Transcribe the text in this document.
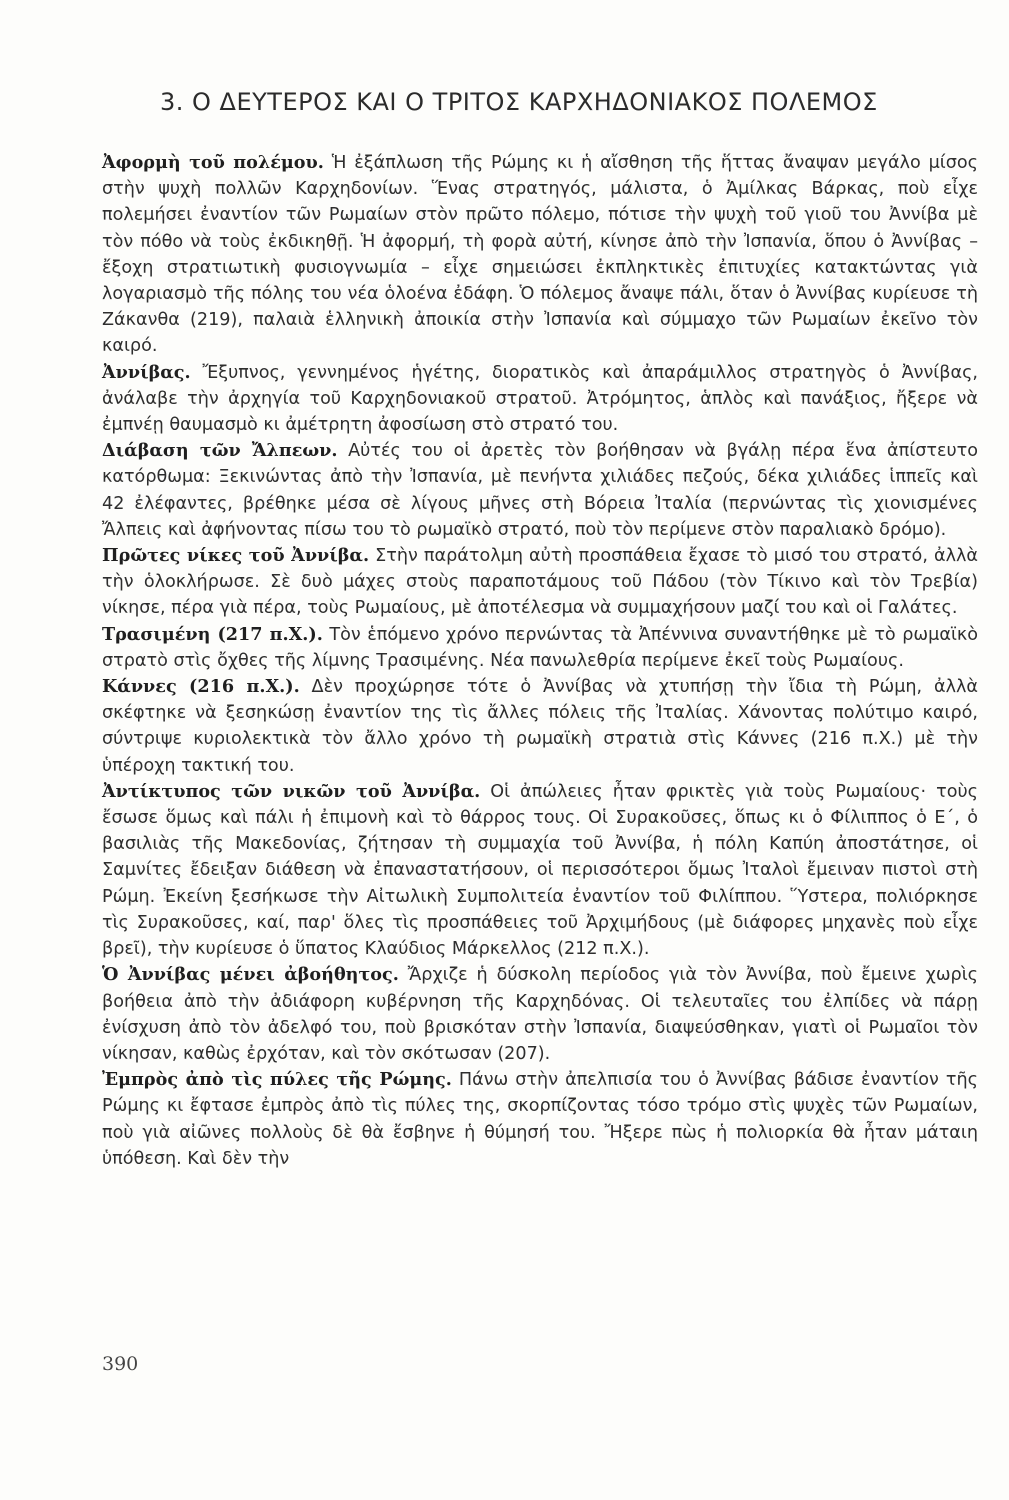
3. Ο ΔΕΥΤΕΡΟΣ ΚΑΙ Ο ΤΡΙΤΟΣ ΚΑΡΧΗΔΟΝΙΑΚΟΣ ΠΟΛΕΜΟΣ

Ἀφορμὴ τοῦ πολέμου. Ἡ ἐξάπλωση τῆς Ρώμης κι ἡ αἴσθηση τῆς ἥττας ἄναψαν μεγάλο μίσος στὴν ψυχὴ πολλῶν Καρχηδονίων. Ἕνας στρατηγός, μάλιστα, ὁ Ἀμίλκας Βάρκας, ποὺ εἶχε πολεμήσει ἐναντίον τῶν Ρωμαίων στὸν πρῶτο πόλεμο, πότισε τὴν ψυχὴ τοῦ γιοῦ του Ἀννίβα μὲ τὸν πόθο νὰ τοὺς ἐκδικηθῇ. Ἡ ἀφορμή, τὴ φορὰ αὐτή, κίνησε ἀπὸ τὴν Ἰσπανία, ὅπου ὁ Ἀννίβας – ἔξοχη στρατιωτικὴ φυσιογνωμία – εἶχε σημειώσει ἐκπληκτικὲς ἐπιτυχίες κατακτώντας γιὰ λογαριασμὸ τῆς πόλης του νέα ὁλοένα ἐδάφη. Ὁ πόλεμος ἄναψε πάλι, ὅταν ὁ Ἀννίβας κυρίευσε τὴ Ζάκανθα (219), παλαιὰ ἑλληνικὴ ἀποικία στὴν Ἰσπανία καὶ σύμμαχο τῶν Ρωμαίων ἐκεῖνο τὸν καιρό.

Ἀννίβας. Ἔξυπνος, γεννημένος ἡγέτης, διορατικὸς καὶ ἀπαράμιλλος στρατηγὸς ὁ Ἀννίβας, ἀνάλαβε τὴν ἀρχηγία τοῦ Καρχηδονιακοῦ στρατοῦ. Ἀτρόμητος, ἁπλὸς καὶ πανάξιος, ἤξερε νὰ ἐμπνέῃ θαυμασμὸ κι ἀμέτρητη ἀφοσίωση στὸ στρατό του.

Διάβαση τῶν Ἄλπεων. Αὐτές του οἱ ἀρετὲς τὸν βοήθησαν νὰ βγάλῃ πέρα ἕνα ἀπίστευτο κατόρθωμα: Ξεκινώντας ἀπὸ τὴν Ἰσπανία, μὲ πενήντα χιλιάδες πεζούς, δέκα χιλιάδες ἱππεῖς καὶ 42 ἐλέφαντες, βρέθηκε μέσα σὲ λίγους μῆνες στὴ Βόρεια Ἰταλία (περνώντας τὶς χιονισμένες Ἄλπεις καὶ ἀφήνοντας πίσω του τὸ ρωμαϊκὸ στρατό, ποὺ τὸν περίμενε στὸν παραλιακὸ δρόμο).

Πρῶτες νίκες τοῦ Ἀννίβα. Στὴν παράτολμη αὐτὴ προσπάθεια ἔχασε τὸ μισό του στρατό, ἀλλὰ τὴν ὁλοκλήρωσε. Σὲ δυὸ μάχες στοὺς παραποτάμους τοῦ Πάδου (τὸν Τίκινο καὶ τὸν Τρεβία) νίκησε, πέρα γιὰ πέρα, τοὺς Ρωμαίους, μὲ ἀποτέλεσμα νὰ συμμαχήσουν μαζί του καὶ οἱ Γαλάτες.

Τρασιμένη (217 π.Χ.). Τὸν ἑπόμενο χρόνο περνώντας τὰ Ἀπέννινα συναντήθηκε μὲ τὸ ρωμαϊκὸ στρατὸ στὶς ὄχθες τῆς λίμνης Τρασιμένης. Νέα πανωλεθρία περίμενε ἐκεῖ τοὺς Ρωμαίους.

Κάννες (216 π.Χ.). Δὲν προχώρησε τότε ὁ Ἀννίβας νὰ χτυπήσῃ τὴν ἴδια τὴ Ρώμη, ἀλλὰ σκέφτηκε νὰ ξεσηκώσῃ ἐναντίον της τὶς ἄλλες πόλεις τῆς Ἰταλίας. Χάνοντας πολύτιμο καιρό, σύντριψε κυριολεκτικὰ τὸν ἄλλο χρόνο τὴ ρωμαϊκὴ στρατιὰ στὶς Κάννες (216 π.Χ.) μὲ τὴν ὑπέροχη τακτική του.

Ἀντίκτυπος τῶν νικῶν τοῦ Ἀννίβα. Οἱ ἀπώλειες ἦταν φρικτὲς γιὰ τοὺς Ρωμαίους· τοὺς ἔσωσε ὅμως καὶ πάλι ἡ ἐπιμονὴ καὶ τὸ θάρρος τους. Οἱ Συρακοῦσες, ὅπως κι ὁ Φίλιππος ὁ Ε΄, ὁ βασιλιὰς τῆς Μακεδονίας, ζήτησαν τὴ συμμαχία τοῦ Ἀννίβα, ἡ πόλη Καπύη ἀποστάτησε, οἱ Σαμνίτες ἔδειξαν διάθεση νὰ ἐπαναστατήσουν, οἱ περισσότεροι ὅμως Ἰταλοὶ ἔμειναν πιστοὶ στὴ Ρώμη. Ἐκείνη ξεσήκωσε τὴν Αἰτωλικὴ Συμπολιτεία ἐναντίον τοῦ Φιλίππου. Ὕστερα, πολιόρκησε τὶς Συρακοῦσες, καί, παρ' ὅλες τὶς προσπάθειες τοῦ Ἀρχιμήδους (μὲ διάφορες μηχανὲς ποὺ εἶχε βρεῖ), τὴν κυρίευσε ὁ ὕπατος Κλαύδιος Μάρκελλος (212 π.Χ.).

Ὁ Ἀννίβας μένει ἀβοήθητος. Ἄρχιζε ἡ δύσκολη περίοδος γιὰ τὸν Ἀννίβα, ποὺ ἔμεινε χωρὶς βοήθεια ἀπὸ τὴν ἀδιάφορη κυβέρνηση τῆς Καρχηδόνας. Οἱ τελευταῖες του ἐλπίδες νὰ πάρῃ ἐνίσχυση ἀπὸ τὸν ἀδελφό του, ποὺ βρισκόταν στὴν Ἰσπανία, διαψεύσθηκαν, γιατὶ οἱ Ρωμαῖοι τὸν νίκησαν, καθὼς ἐρχόταν, καὶ τὸν σκότωσαν (207).

Ἐμπρὸς ἀπὸ τὶς πύλες τῆς Ρώμης. Πάνω στὴν ἀπελπισία του ὁ Ἀννίβας βάδισε ἐναντίον τῆς Ρώμης κι ἔφτασε ἐμπρὸς ἀπὸ τὶς πύλες της, σκορπίζοντας τόσο τρόμο στὶς ψυχὲς τῶν Ρωμαίων, ποὺ γιὰ αἰῶνες πολλοὺς δὲ θὰ ἔσβηνε ἡ θύμησή του. Ἤξερε πὼς ἡ πολιορκία θὰ ἦταν μάταιη ὑπόθεση. Καὶ δὲν τὴν

390
